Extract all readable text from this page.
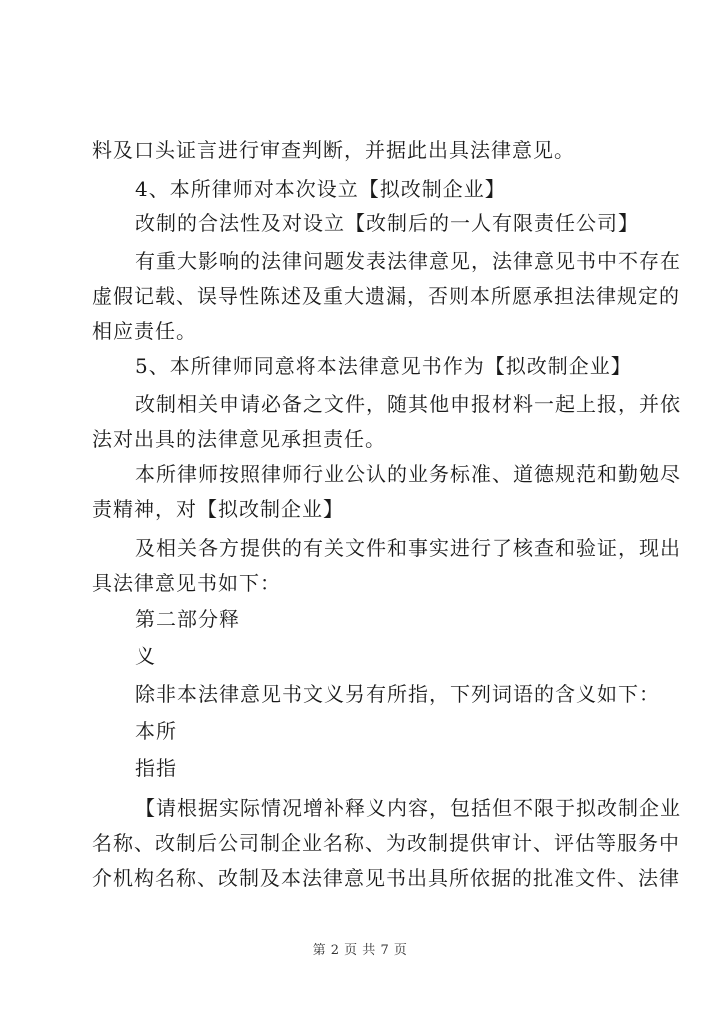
料及口头证言进行审查判断，并据此出具法律意见。
4、本所律师对本次设立【拟改制企业】
改制的合法性及对设立【改制后的一人有限责任公司】
有重大影响的法律问题发表法律意见，法律意见书中不存在
虚假记载、误导性陈述及重大遗漏，否则本所愿承担法律规定的
相应责任。
5、本所律师同意将本法律意见书作为【拟改制企业】
改制相关申请必备之文件，随其他申报材料一起上报，并依
法对出具的法律意见承担责任。
本所律师按照律师行业公认的业务标准、道德规范和勤勉尽
责精神，对【拟改制企业】
及相关各方提供的有关文件和事实进行了核查和验证，现出
具法律意见书如下：
第二部分释
义
除非本法律意见书文义另有所指，下列词语的含义如下：
本所
指指
【请根据实际情况增补释义内容，包括但不限于拟改制企业
名称、改制后公司制企业名称、为改制提供审计、评估等服务中
介机构名称、改制及本法律意见书出具所依据的批准文件、法律
第 2 页 共 7 页
